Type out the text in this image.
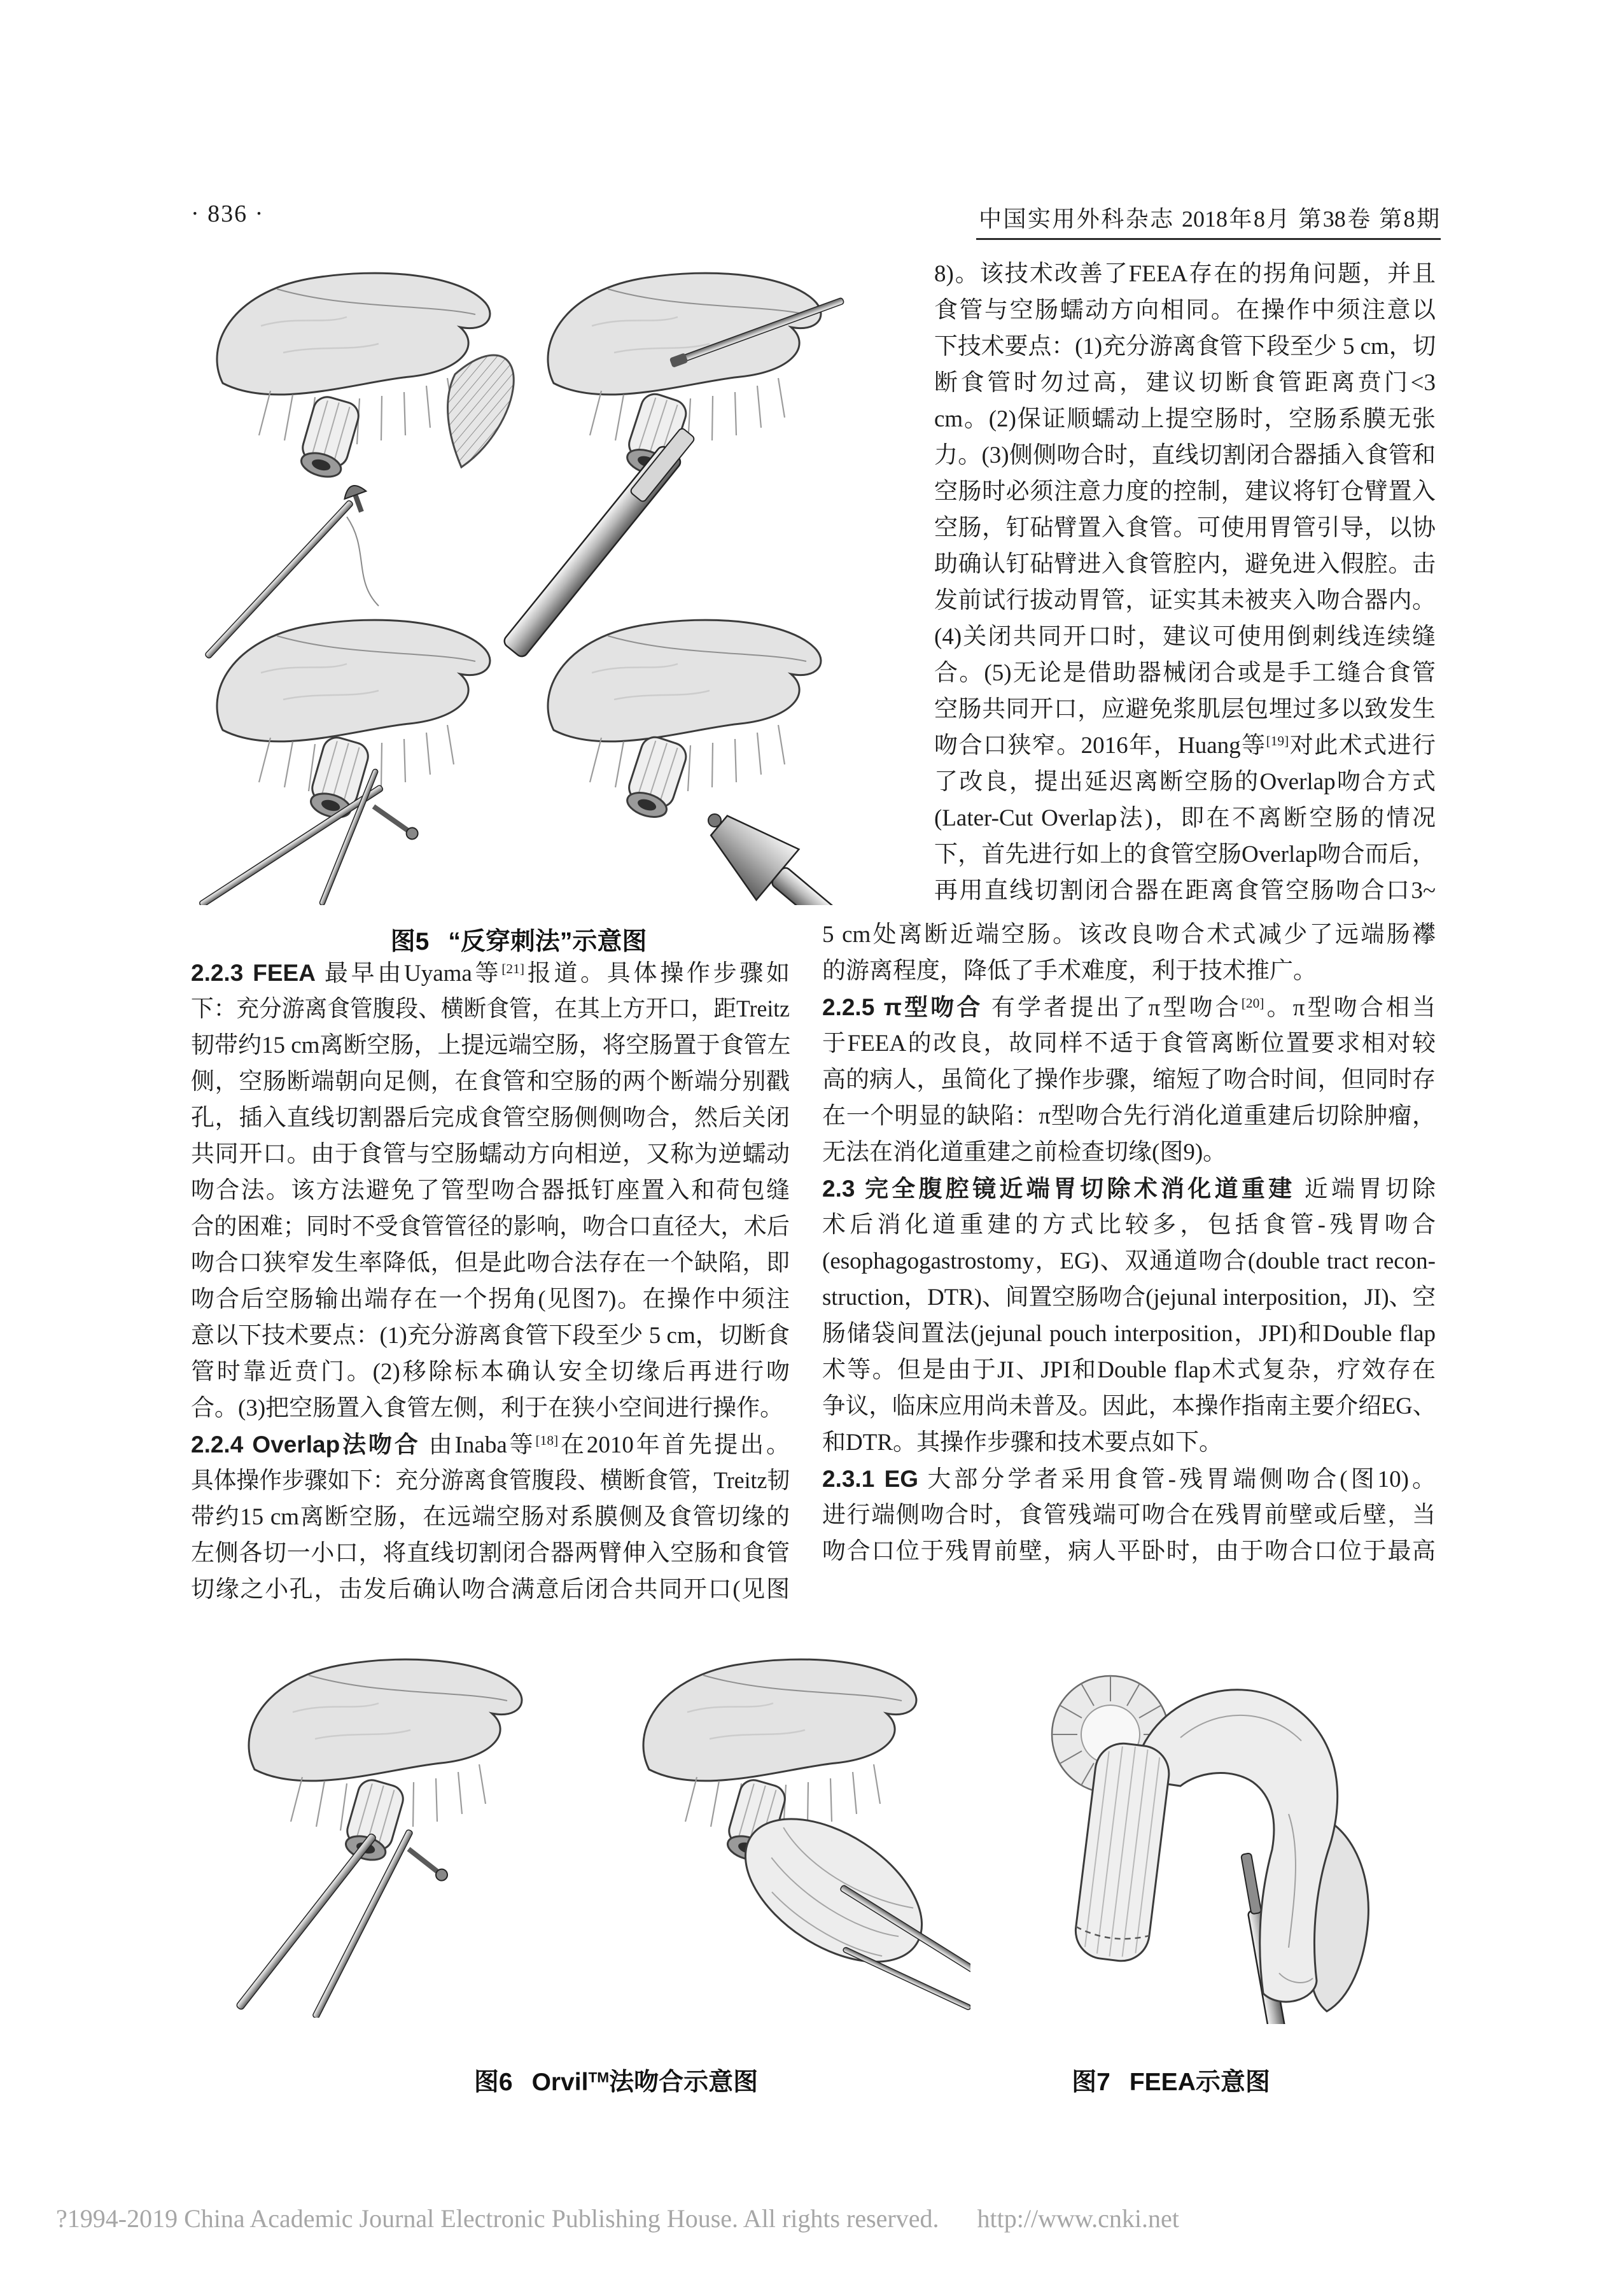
· 836 ·	中国实用外科杂志 2018年8月 第38卷 第8期
图5 “反穿刺法”示意图
2.2.3 FEEA 最早由Uyama等[21]报道。具体操作步骤如
下：充分游离食管腹段、横断食管，在其上方开口，距Treitz
韧带约15 cm离断空肠，上提远端空肠，将空肠置于食管左
侧，空肠断端朝向足侧，在食管和空肠的两个断端分别戳
孔，插入直线切割器后完成食管空肠侧侧吻合，然后关闭
共同开口。由于食管与空肠蠕动方向相逆，又称为逆蠕动
吻合法。该方法避免了管型吻合器抵钉座置入和荷包缝
合的困难；同时不受食管管径的影响，吻合口直径大，术后
吻合口狭窄发生率降低，但是此吻合法存在一个缺陷，即
吻合后空肠输出端存在一个拐角(见图7)。在操作中须注
意以下技术要点：(1)充分游离食管下段至少 5 cm，切断食
管时靠近贲门。(2)移除标本确认安全切缘后再进行吻
合。(3)把空肠置入食管左侧，利于在狭小空间进行操作。
2.2.4 Overlap法吻合 由Inaba等[18]在2010年首先提出。
具体操作步骤如下：充分游离食管腹段、横断食管，Treitz韧
带约15 cm离断空肠，在远端空肠对系膜侧及食管切缘的
左侧各切一小口，将直线切割闭合器两臂伸入空肠和食管
切缘之小孔，击发后确认吻合满意后闭合共同开口(见图
8)。该技术改善了FEEA存在的拐角问题，并且
食管与空肠蠕动方向相同。在操作中须注意以
下技术要点：(1)充分游离食管下段至少 5 cm，切
断食管时勿过高，建议切断食管距离贲门<3
cm。(2)保证顺蠕动上提空肠时，空肠系膜无张
力。(3)侧侧吻合时，直线切割闭合器插入食管和
空肠时必须注意力度的控制，建议将钉仓臂置入
空肠，钉砧臂置入食管。可使用胃管引导，以协
助确认钉砧臂进入食管腔内，避免进入假腔。击
发前试行拔动胃管，证实其未被夹入吻合器内。
(4)关闭共同开口时，建议可使用倒刺线连续缝
合。(5)无论是借助器械闭合或是手工缝合食管
空肠共同开口，应避免浆肌层包埋过多以致发生
吻合口狭窄。2016年，Huang等[19]对此术式进行
了改良，提出延迟离断空肠的Overlap吻合方式
(Later-Cut Overlap法)，即在不离断空肠的情况
下，首先进行如上的食管空肠Overlap吻合而后，
再用直线切割闭合器在距离食管空肠吻合口3~
5 cm处离断近端空肠。该改良吻合术式减少了远端肠襻
的游离程度，降低了手术难度，利于技术推广。
2.2.5 π型吻合 有学者提出了π型吻合[20]。π型吻合相当
于FEEA的改良，故同样不适于食管离断位置要求相对较
高的病人，虽简化了操作步骤，缩短了吻合时间，但同时存
在一个明显的缺陷：π型吻合先行消化道重建后切除肿瘤，
无法在消化道重建之前检查切缘(图9)。
2.3 完全腹腔镜近端胃切除术消化道重建 近端胃切除
术后消化道重建的方式比较多，包括食管-残胃吻合
(esophagogastrostomy，EG)、双通道吻合(double tract recon-
struction，DTR)、间置空肠吻合(jejunal interposition，JI)、空
肠储袋间置法(jejunal pouch interposition，JPI)和Double flap
术等。但是由于JI、JPI和Double flap术式复杂，疗效存在
争议，临床应用尚未普及。因此，本操作指南主要介绍EG、
和DTR。其操作步骤和技术要点如下。
2.3.1 EG 大部分学者采用食管-残胃端侧吻合(图10)。
进行端侧吻合时，食管残端可吻合在残胃前壁或后壁，当
吻合口位于残胃前壁，病人平卧时，由于吻合口位于最高
图6 Orvil™法吻合示意图	图7 FEEA示意图
?1994-2019 China Academic Journal Electronic Publishing House. All rights reserved. http://www.cnki.net
